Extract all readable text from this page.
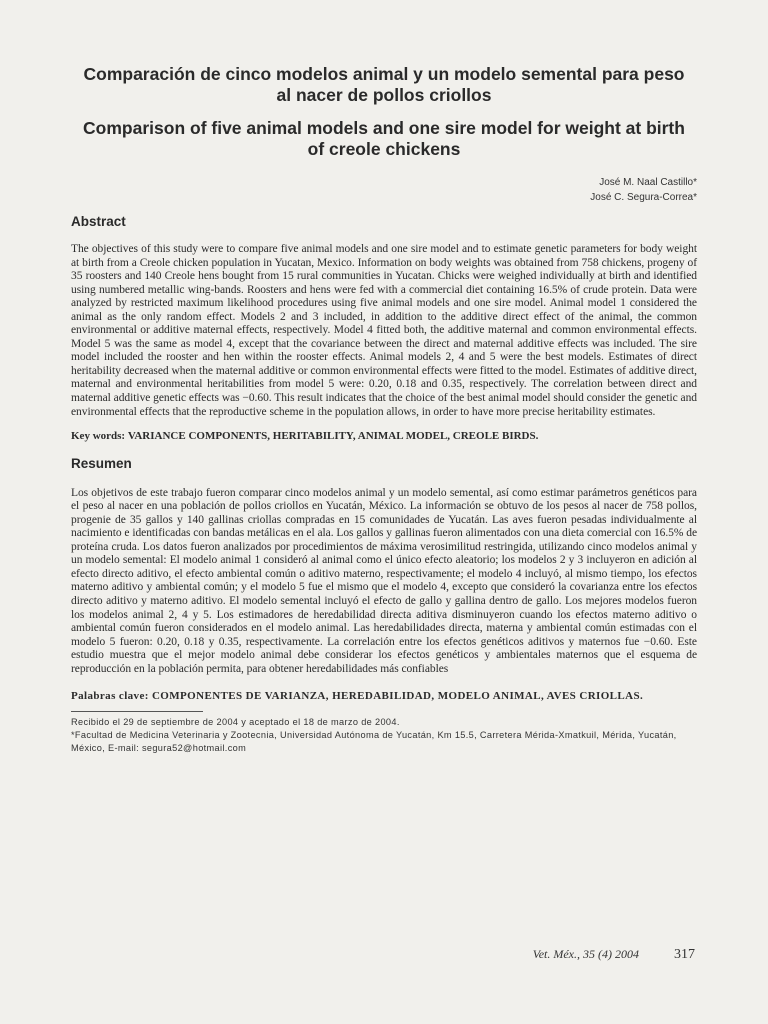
Comparación de cinco modelos animal y un modelo semental para peso al nacer de pollos criollos
Comparison of five animal models and one sire model for weight at birth of creole chickens
José M. Naal Castillo*
José C. Segura-Correa*
Abstract
The objectives of this study were to compare five animal models and one sire model and to estimate genetic parameters for body weight at birth from a Creole chicken population in Yucatan, Mexico. Information on body weights was obtained from 758 chickens, progeny of 35 roosters and 140 Creole hens bought from 15 rural communities in Yucatan. Chicks were weighed individually at birth and identified using numbered metallic wing-bands. Roosters and hens were fed with a commercial diet containing 16.5% of crude protein. Data were analyzed by restricted maximum likelihood procedures using five animal models and one sire model. Animal model 1 considered the animal as the only random effect. Models 2 and 3 included, in addition to the additive direct effect of the animal, the common environmental or additive maternal effects, respectively. Model 4 fitted both, the additive maternal and common environmental effects. Model 5 was the same as model 4, except that the covariance between the direct and maternal additive effects was included. The sire model included the rooster and hen within the rooster effects. Animal models 2, 4 and 5 were the best models. Estimates of direct heritability decreased when the maternal additive or common environmental effects were fitted to the model. Estimates of additive direct, maternal and environmental heritabilities from model 5 were: 0.20, 0.18 and 0.35, respectively. The correlation between direct and maternal additive genetic effects was −0.60. This result indicates that the choice of the best animal model should consider the genetic and environmental effects that the reproductive scheme in the population allows, in order to have more precise heritability estimates.
Key words: VARIANCE COMPONENTS, HERITABILITY, ANIMAL MODEL, CREOLE BIRDS.
Resumen
Los objetivos de este trabajo fueron comparar cinco modelos animal y un modelo semental, así como estimar parámetros genéticos para el peso al nacer en una población de pollos criollos en Yucatán, México. La información se obtuvo de los pesos al nacer de 758 pollos, progenie de 35 gallos y 140 gallinas criollas compradas en 15 comunidades de Yucatán. Las aves fueron pesadas individualmente al nacimiento e identificadas con bandas metálicas en el ala. Los gallos y gallinas fueron alimentados con una dieta comercial con 16.5% de proteína cruda. Los datos fueron analizados por procedimientos de máxima verosimilitud restringida, utilizando cinco modelos animal y un modelo semental: El modelo animal 1 consideró al animal como el único efecto aleatorio; los modelos 2 y 3 incluyeron en adición al efecto directo aditivo, el efecto ambiental común o aditivo materno, respectivamente; el modelo 4 incluyó, al mismo tiempo, los efectos materno aditivo y ambiental común; y el modelo 5 fue el mismo que el modelo 4, excepto que consideró la covarianza entre los efectos directo aditivo y materno aditivo. El modelo semental incluyó el efecto de gallo y gallina dentro de gallo. Los mejores modelos fueron los modelos animal 2, 4 y 5. Los estimadores de heredabilidad directa aditiva disminuyeron cuando los efectos materno aditivo o ambiental común fueron considerados en el modelo animal. Las heredabilidades directa, materna y ambiental común estimadas con el modelo 5 fueron: 0.20, 0.18 y 0.35, respectivamente. La correlación entre los efectos genéticos aditivos y maternos fue −0.60. Este estudio muestra que el mejor modelo animal debe considerar los efectos genéticos y ambientales maternos que el esquema de reproducción en la población permita, para obtener heredabilidades más confiables
Palabras clave: COMPONENTES DE VARIANZA, HEREDABILIDAD, MODELO ANIMAL, AVES CRIOLLAS.
Recibido el 29 de septiembre de 2004 y aceptado el 18 de marzo de 2004.
*Facultad de Medicina Veterinaria y Zootecnia, Universidad Autónoma de Yucatán, Km 15.5, Carretera Mérida-Xmatkuil, Mérida, Yucatán, México, E-mail: segura52@hotmail.com
Vet. Méx., 35 (4) 2004	317
